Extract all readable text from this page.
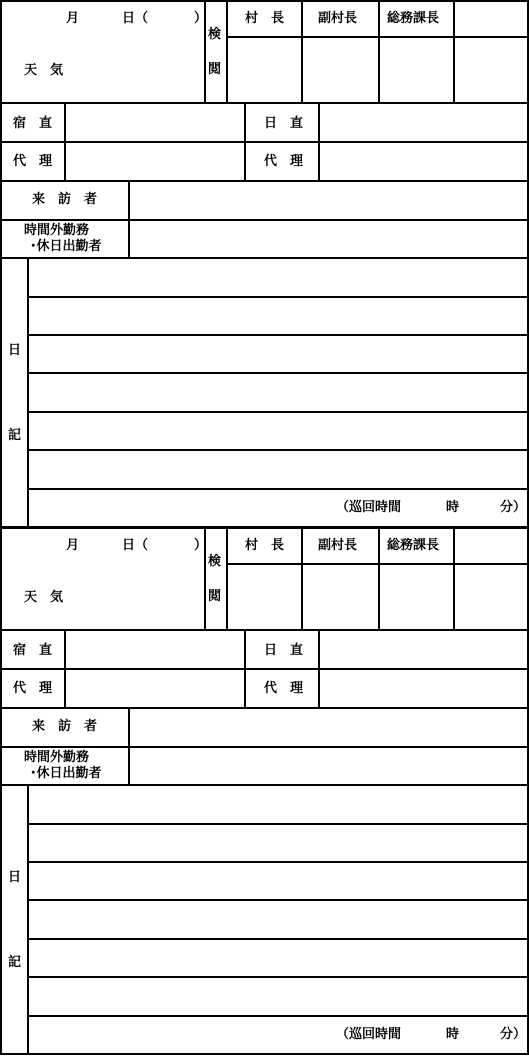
月	日（	）
天　気
検
閲
村　長	副村長 総務課長
宿　直	日　直
代　理	代　理
来　訪　者
時間外勤務
･休日出勤者
日
記
（巡回時間	時	分）
月	日（	）
天　気
検
閲
村　長	副村長 総務課長
宿　直	日　直
代　理	代　理
来　訪　者
時間外勤務
･休日出勤者
日
記
（巡回時間	時	分）
